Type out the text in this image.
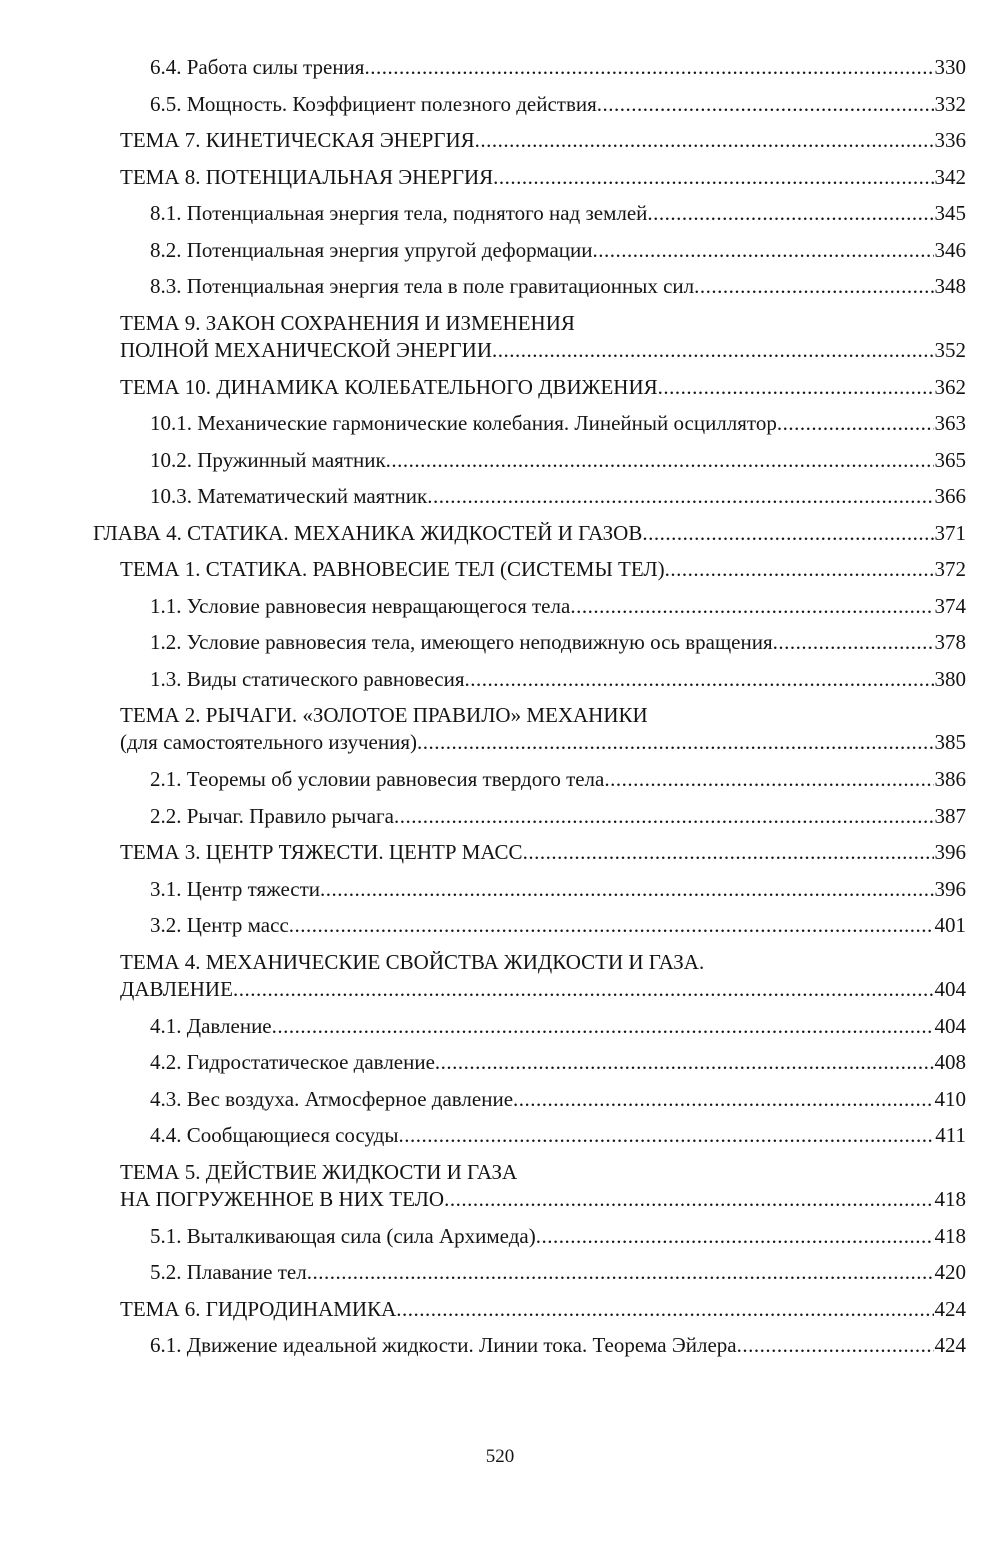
6.4. Работа силы трения .....	330
6.5. Мощность. Коэффициент полезного действия .....	332
ТЕМА 7. КИНЕТИЧЕСКАЯ ЭНЕРГИЯ .....	336
ТЕМА 8. ПОТЕНЦИАЛЬНАЯ ЭНЕРГИЯ .....	342
8.1. Потенциальная энергия тела, поднятого над землей .....	345
8.2. Потенциальная энергия упругой деформации .....	346
8.3. Потенциальная энергия тела в поле гравитационных сил .....	348
ТЕМА 9. ЗАКОН СОХРАНЕНИЯ И ИЗМЕНЕНИЯ
ПОЛНОЙ МЕХАНИЧЕСКОЙ ЭНЕРГИИ .....	352
ТЕМА 10. ДИНАМИКА КОЛЕБАТЕЛЬНОГО ДВИЖЕНИЯ .....	362
10.1. Механические гармонические колебания. Линейный осциллятор .....	363
10.2. Пружинный маятник .....	365
10.3. Математический маятник .....	366
ГЛАВА 4. СТАТИКА. МЕХАНИКА ЖИДКОСТЕЙ И ГАЗОВ .....	371
ТЕМА 1. СТАТИКА. РАВНОВЕСИЕ ТЕЛ (СИСТЕМЫ ТЕЛ) .....	372
1.1. Условие равновесия невращающегося тела .....	374
1.2. Условие равновесия тела, имеющего неподвижную ось вращения .....	378
1.3. Виды статического равновесия .....	380
ТЕМА 2. РЫЧАГИ. «ЗОЛОТОЕ ПРАВИЛО» МЕХАНИКИ
(для самостоятельного изучения) .....	385
2.1. Теоремы об условии равновесия твердого тела .....	386
2.2. Рычаг. Правило рычага .....	387
ТЕМА 3. ЦЕНТР ТЯЖЕСТИ. ЦЕНТР МАСС .....	396
3.1. Центр тяжести .....	396
3.2. Центр масс .....	401
ТЕМА 4. МЕХАНИЧЕСКИЕ СВОЙСТВА ЖИДКОСТИ И ГАЗА.
ДАВЛЕНИЕ .....	404
4.1. Давление .....	404
4.2. Гидростатическое давление .....	408
4.3. Вес воздуха. Атмосферное давление .....	410
4.4. Сообщающиеся сосуды .....	411
ТЕМА 5. ДЕЙСТВИЕ ЖИДКОСТИ И ГАЗА
НА ПОГРУЖЕННОЕ В НИХ ТЕЛО .....	418
5.1. Выталкивающая сила (сила Архимеда) .....	418
5.2. Плавание тел .....	420
ТЕМА 6. ГИДРОДИНАМИКА .....	424
6.1. Движение идеальной жидкости. Линии тока. Теорема Эйлера .....	424
520
